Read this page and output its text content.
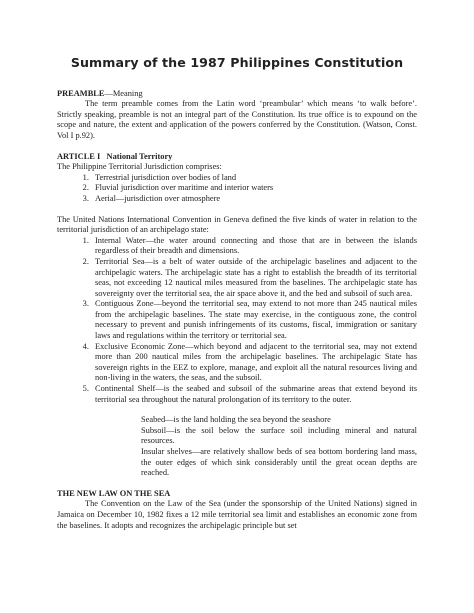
Summary of the 1987 Philippines Constitution

PREAMBLE—Meaning

The term preamble comes from the Latin word ‘preambular’ which means ‘to walk before’. Strictly speaking, preamble is not an integral part of the Constitution. Its true office is to expound on the scope and nature, the extent and application of the powers conferred by the Constitution. (Watson, Const. Vol I p.92).

ARTICLE I National Territory

The Philippine Territorial Jurisdiction comprises:

1. Terrestrial jurisdiction over bodies of land
2. Fluvial jurisdiction over maritime and interior waters
3. Aerial—jurisdiction over atmosphere

The United Nations International Convention in Geneva defined the five kinds of water in relation to the territorial jurisdiction of an archipelago state:

1. Internal Water—the water around connecting and those that are in between the islands regardless of their breadth and dimensions.
2. Territorial Sea—is a belt of water outside of the archipelagic baselines and adjacent to the archipelagic waters. The archipelagic state has a right to establish the breadth of its territorial seas, not exceeding 12 nautical miles measured from the baselines. The archipelagic state has sovereignty over the territorial sea, the air space above it, and the bed and subsoil of such area.
3. Contiguous Zone—beyond the territorial sea, may extend to not more than 245 nautical miles from the archipelagic baselines. The state may exercise, in the contiguous zone, the control necessary to prevent and punish infringements of its customs, fiscal, immigration or sanitary laws and regulations within the territory or territorial sea.
4. Exclusive Economic Zone—which beyond and adjacent to the territorial sea, may not extend more than 200 nautical miles from the archipelagic baselines. The archipelagic State has sovereign rights in the EEZ to explore, manage, and exploit all the natural resources living and non-living in the waters, the seas, and the subsoil.
5. Continental Shelf—is the seabed and subsoil of the submarine areas that extend beyond its territorial sea throughout the natural prolongation of its territory to the outer.

Seabed—is the land holding the sea beyond the seashore

Subsoil—is the soil below the surface soil including mineral and natural resources.

Insular shelves—are relatively shallow beds of sea bottom bordering land mass, the outer edges of which sink considerably until the great ocean depths are reached.

THE NEW LAW ON THE SEA

The Convention on the Law of the Sea (under the sponsorship of the United Nations) signed in Jamaica on December 10, 1982 fixes a 12 mile territorial sea limit and establishes an economic zone from the baselines. It adopts and recognizes the archipelagic principle but set
